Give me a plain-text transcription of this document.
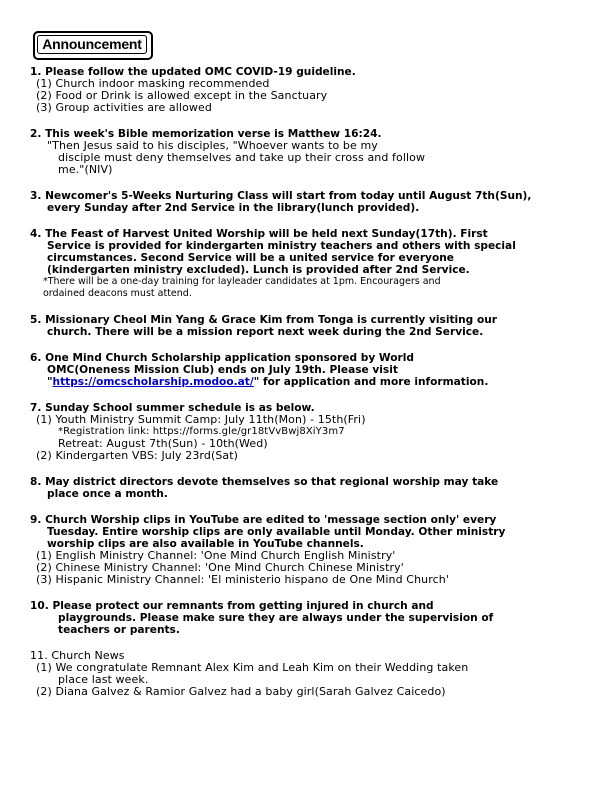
Announcement
1. Please follow the updated OMC COVID-19 guideline.
(1) Church indoor masking recommended
(2) Food or Drink is allowed except in the Sanctuary
(3) Group activities are allowed
2. This week's Bible memorization verse is Matthew 16:24.
"Then Jesus said to his disciples, "Whoever wants to be my
disciple must deny themselves and take up their cross and follow
me."(NIV)
3. Newcomer's 5-Weeks Nurturing Class will start from today until August 7th(Sun),
every Sunday after 2nd Service in the library(lunch provided).
4. The Feast of Harvest United Worship will be held next Sunday(17th). First
Service is provided for kindergarten ministry teachers and others with special
circumstances. Second Service will be a united service for everyone
(kindergarten ministry excluded). Lunch is provided after 2nd Service.
*There will be a one-day training for layleader candidates at 1pm. Encouragers and
ordained deacons must attend.
5. Missionary Cheol Min Yang & Grace Kim from Tonga is currently visiting our
church. There will be a mission report next week during the 2nd Service.
6. One Mind Church Scholarship application sponsored by World
OMC(Oneness Mission Club) ends on July 19th. Please visit
"https://omcscholarship.modoo.at/" for application and more information.
7. Sunday School summer schedule is as below.
(1) Youth Ministry Summit Camp: July 11th(Mon) - 15th(Fri)
*Registration link: https://forms.gle/gr18tVvBwj8XiY3m7
Retreat: August 7th(Sun) - 10th(Wed)
(2) Kindergarten VBS: July 23rd(Sat)
8. May district directors devote themselves so that regional worship may take
place once a month.
9. Church Worship clips in YouTube are edited to 'message section only' every
Tuesday. Entire worship clips are only available until Monday. Other ministry
worship clips are also available in YouTube channels.
(1) English Ministry Channel: 'One Mind Church English Ministry'
(2) Chinese Ministry Channel: 'One Mind Church Chinese Ministry'
(3) Hispanic Ministry Channel: 'El ministerio hispano de One Mind Church'
10. Please protect our remnants from getting injured in church and
playgrounds. Please make sure they are always under the supervision of
teachers or parents.
11. Church News
(1) We congratulate Remnant Alex Kim and Leah Kim on their Wedding taken
place last week.
(2) Diana Galvez & Ramior Galvez had a baby girl(Sarah Galvez Caicedo)
